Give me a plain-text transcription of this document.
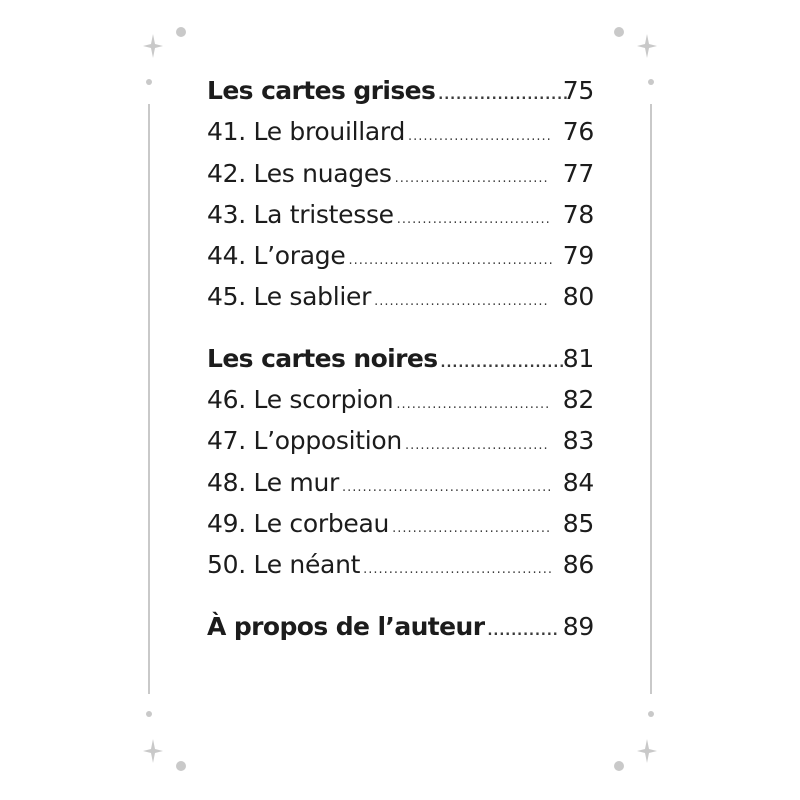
Les cartes grises ......................
75
41. Le brouillard ............................ 76
42. Les nuages .............................. 77
43. La tristesse .............................. 78
44. L’orage ........................................ 79
45. Le sablier .................................. 80
Les cartes noires .....................
81
46. Le scorpion .............................. 82
47. L’opposition ............................ 83
48. Le mur ......................................... 84
49. Le corbeau ............................... 85
50. Le néant ..................................... 86
À propos de l’auteur ............ 89
